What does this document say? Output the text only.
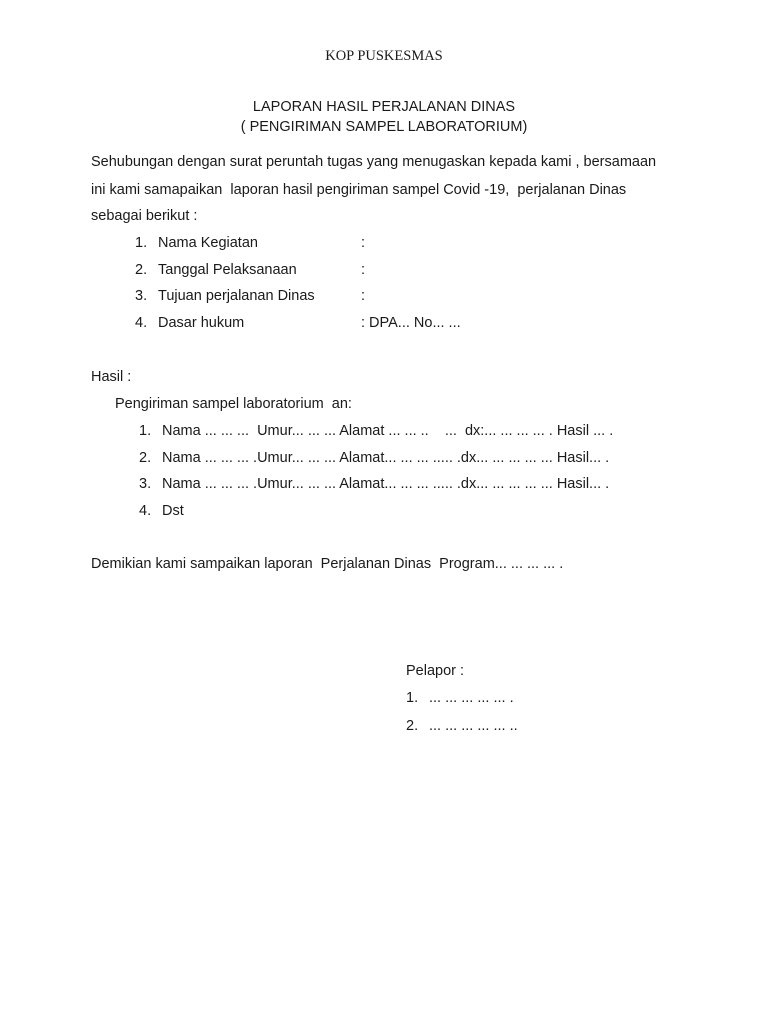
KOP PUSKESMAS
LAPORAN HASIL PERJALANAN DINAS
( PENGIRIMAN SAMPEL LABORATORIUM)
Sehubungan dengan surat peruntah tugas yang menugaskan kepada kami , bersamaan
ini kami samapaikan  laporan hasil pengiriman sampel Covid -19,  perjalanan Dinas
sebagai berikut :
1. Nama Kegiatan	:
2. Tanggal Pelaksanaan	:
3. Tujuan perjalanan Dinas	:
4. Dasar hukum	: DPA... No... ...
Hasil :
Pengiriman sampel laboratorium  an:
1. Nama ... ... ...  Umur... ... ... Alamat ... ... ..    ...  dx:... ... ... ... . Hasil ... .
2. Nama ... ... ... .Umur... ... ... Alamat... ... ... ..... .dx... ... ... ... ... Hasil... .
3. Nama ... ... ... .Umur... ... ... Alamat... ... ... ..... .dx... ... ... ... ... Hasil... .
4. Dst
Demikian kami sampaikan laporan  Perjalanan Dinas  Program... ... ... ... .
Pelapor :
1. ... ... ... ... ... .
2. ... ... ... ... ... ..
